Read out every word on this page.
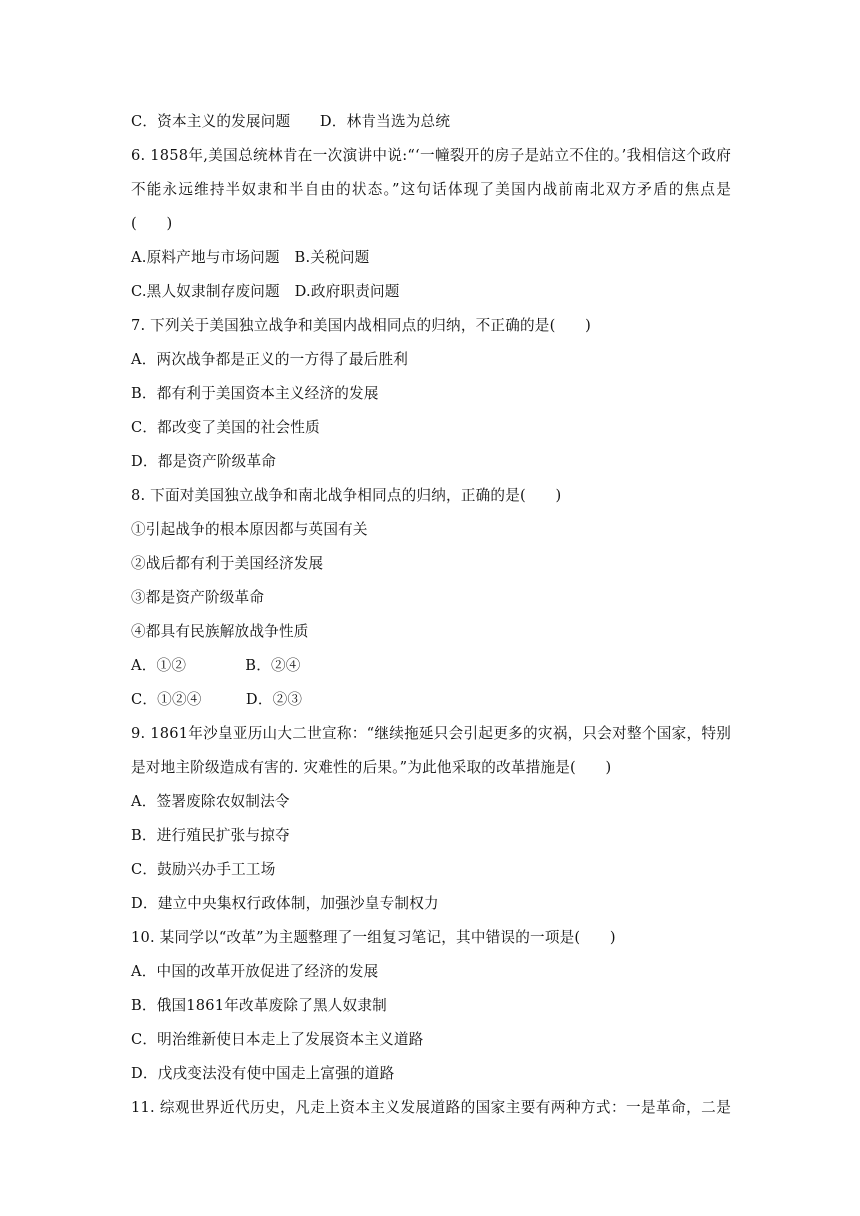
C．资本主义的发展问题　　D．林肯当选为总统
6. 1858年,美国总统林肯在一次演讲中说:“‘一幢裂开的房子是站立不住的。’我相信这个政府
不能永远维持半奴隶和半自由的状态。”这句话体现了美国内战前南北双方矛盾的焦点是
(　　)
A.原料产地与市场问题　B.关税问题
C.黑人奴隶制存废问题　D.政府职责问题
7. 下列关于美国独立战争和美国内战相同点的归纳，不正确的是(　　)
A．两次战争都是正义的一方得了最后胜利
B．都有利于美国资本主义经济的发展
C．都改变了美国的社会性质
D．都是资产阶级革命
8. 下面对美国独立战争和南北战争相同点的归纳，正确的是(　　)
①引起战争的根本原因都与英国有关
②战后都有利于美国经济发展
③都是资产阶级革命
④都具有民族解放战争性质
A．①②　　　　B．②④
C．①②④　　　D．②③
9. 1861年沙皇亚历山大二世宣称：“继续拖延只会引起更多的灾祸，只会对整个国家，特别
是对地主阶级造成有害的. 灾难性的后果。”为此他采取的改革措施是(　　)
A．签署废除农奴制法令
B．进行殖民扩张与掠夺
C．鼓励兴办手工工场
D．建立中央集权行政体制，加强沙皇专制权力
10. 某同学以“改革”为主题整理了一组复习笔记，其中错误的一项是(　　)
A．中国的改革开放促进了经济的发展
B．俄国1861年改革废除了黑人奴隶制
C．明治维新使日本走上了发展资本主义道路
D．戊戌变法没有使中国走上富强的道路
11. 综观世界近代历史，凡走上资本主义发展道路的国家主要有两种方式：一是革命，二是
